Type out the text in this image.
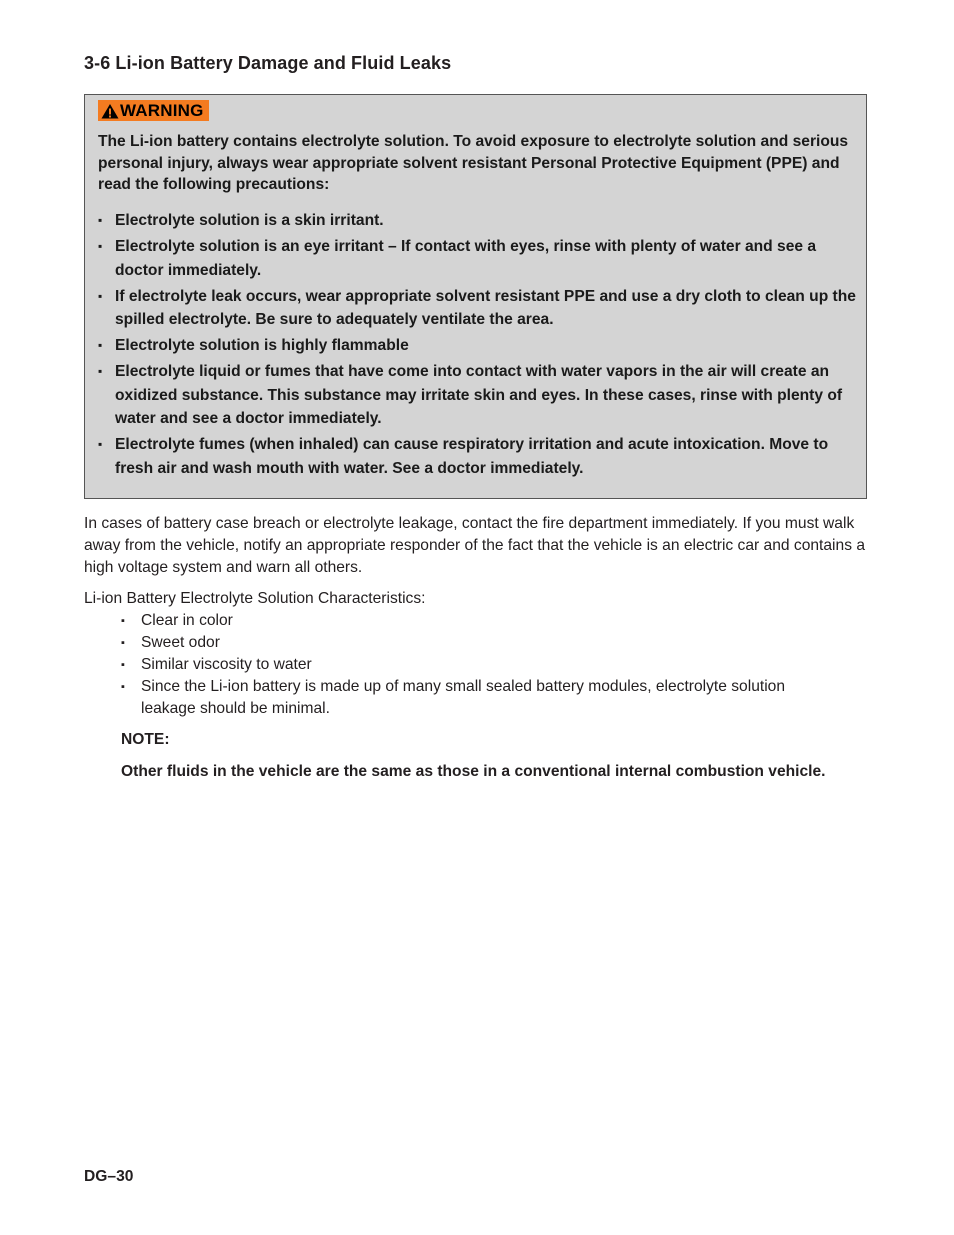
3-6 Li-ion Battery Damage and Fluid Leaks
WARNING
The Li-ion battery contains electrolyte solution. To avoid exposure to electrolyte solution and serious personal injury, always wear appropriate solvent resistant Personal Protective Equipment (PPE) and read the following precautions:
▪ Electrolyte solution is a skin irritant.
▪ Electrolyte solution is an eye irritant – If contact with eyes, rinse with plenty of water and see a doctor immediately.
▪ If electrolyte leak occurs, wear appropriate solvent resistant PPE and use a dry cloth to clean up the spilled electrolyte. Be sure to adequately ventilate the area.
▪ Electrolyte solution is highly flammable
▪ Electrolyte liquid or fumes that have come into contact with water vapors in the air will create an oxidized substance. This substance may irritate skin and eyes. In these cases, rinse with plenty of water and see a doctor immediately.
▪ Electrolyte fumes (when inhaled) can cause respiratory irritation and acute intoxication. Move to fresh air and wash mouth with water. See a doctor immediately.
In cases of battery case breach or electrolyte leakage, contact the fire department immediately. If you must walk away from the vehicle, notify an appropriate responder of the fact that the vehicle is an electric car and contains a high voltage system and warn all others.
Li-ion Battery Electrolyte Solution Characteristics:
▪ Clear in color
▪ Sweet odor
▪ Similar viscosity to water
▪ Since the Li-ion battery is made up of many small sealed battery modules, electrolyte solution leakage should be minimal.
NOTE:
Other fluids in the vehicle are the same as those in a conventional internal combustion vehicle.
DG–30
